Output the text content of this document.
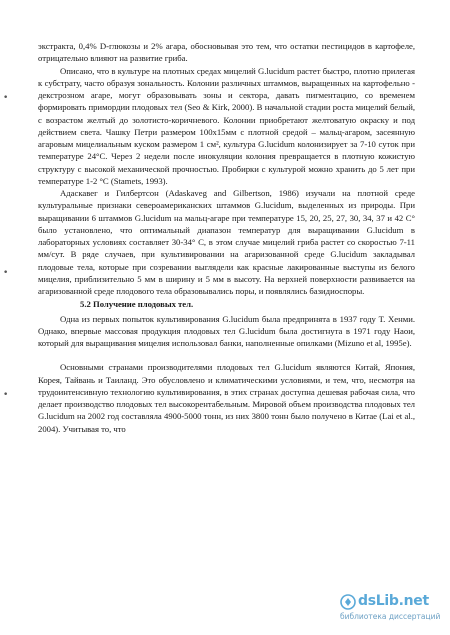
•
•
•

экстракта, 0,4% D-глюкозы и 2% агара, обосновывая это тем, что остатки пестицидов в картофеле, отрицательно влияют на развитие гриба.

Описано, что в культуре на плотных средах мицелий G.lucidum растет быстро, плотно прилегая к субстрату, часто образуя зональность. Колонии различных штаммов, выращенных на картофельно - декстрозном агаре, могут образовывать зоны и сектора, давать пигментацию, со временем формировать примордии плодовых тел (Seo & Kirk, 2000). В начальной стадии роста мицелий белый, с возрастом желтый до золотисто-коричневого. Колонии приобретают желтоватую окраску и под действием света. Чашку Петри размером 100x15мм с плотной средой – мальц-агаром, засеянную агаровым мицелиальным куском размером 1 см², культура G.lucidum колонизирует за 7-10 суток при температуре 24°С. Через 2 недели после инокуляции колония превращается в плотную кожистую структуру с высокой механической прочностью. Пробирки с культурой можно хранить до 5 лет при температуре 1-2 °С (Stamets, 1993).

Адаскавег и Гилбертсон (Adaskaveg and Gilbertson, 1986) изучали на плотной среде культуральные признаки североамериканских штаммов G.lucidum, выделенных из природы. При выращивании 6 штаммов G.lucidum на мальц-агаре при температуре 15, 20, 25, 27, 30, 34, 37 и 42 С° было установлено, что оптимальный диапазон температур для выращивании G.lucidum в лабораторных условиях составляет 30-34° С, в этом случае мицелий гриба растет со скоростью 7-11 мм/сут. В ряде случаев, при культивировании на агаризованной среде G.lucidum закладывал плодовые тела, которые при созревании выглядели как красные лакированные выступы из белого мицелия, приблизительно 5 мм в ширину и 5 мм в высоту. На верхней поверхности развивается на агаризованной среде плодового тела образовывались поры, и появлялись базидиоспоры.

5.2 Получение плодовых тел.

Одна из первых попыток культивирования G.lucidum была предпринята в 1937 году Т. Хенми. Однако, впервые массовая продукция плодовых тел G.lucidum была достигнута в 1971 году Наои, который для выращивания мицелия использовал банки, наполненные опилками (Mizuno et al, 1995е).

Основными странами производителями плодовых тел G.lucidum являются Китай, Япония, Корея, Тайвань и Таиланд. Это обусловлено и климатическими условиями, и тем, что, несмотря на трудоинтенсивную технологию культивирования, в этих странах доступна дешевая рабочая сила, что делает производство плодовых тел высокорентабельным. Мировой объем производства плодовых тел G.lucidum на 2002 год составляла 4900-5000 тонн, из них 3800 тонн было получено в Китае (Lai et al., 2004). Учитывая то, что

dsLib.net
библиотека диссертаций
